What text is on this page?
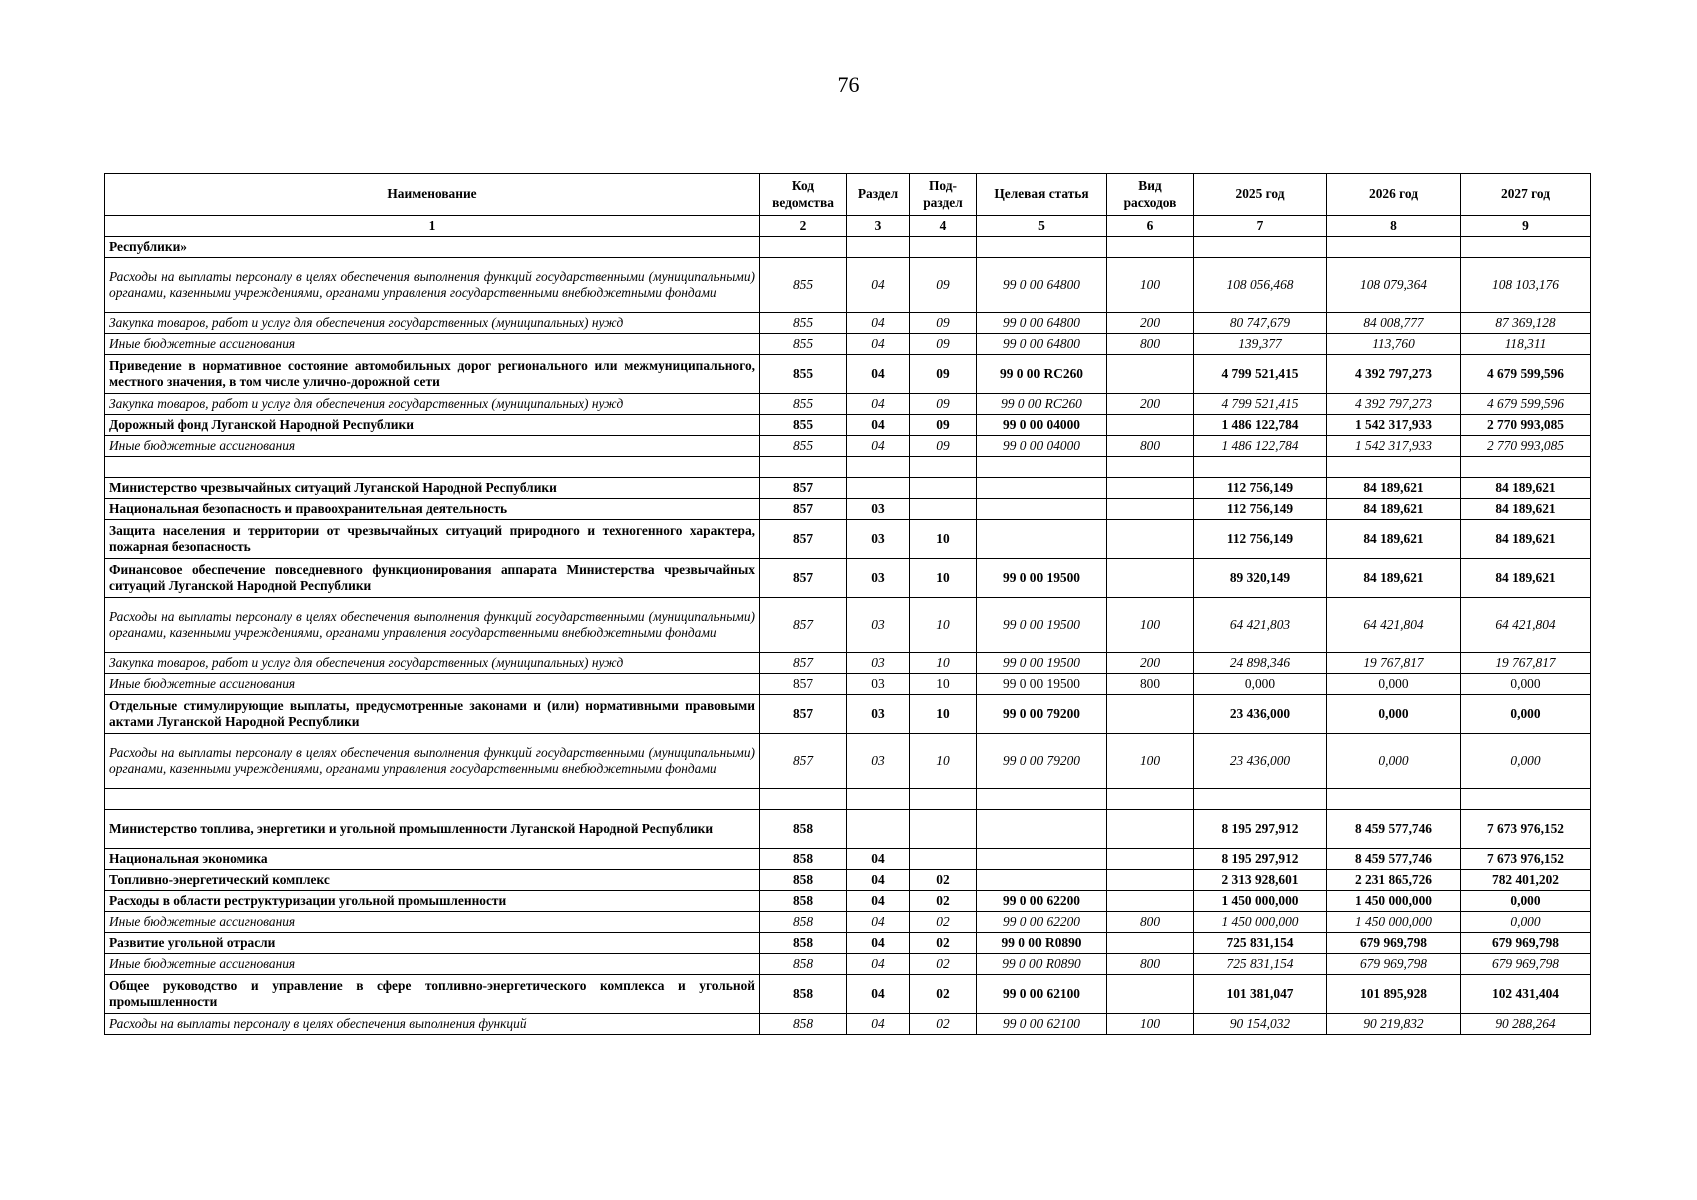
76
Наименование	Код ведомства	Раздел	Под-раздел	Целевая статья	Вид расходов	2025 год	2026 год	2027 год
1	2	3	4	5	6	7	8	9
Республики»								
Расходы на выплаты персоналу в целях обеспечения выполнения функций государственными (муниципальными) органами, казенными учреждениями, органами управления государственными внебюджетными фондами	855	04	09	99 0 00 64800	100	108 056,468	108 079,364	108 103,176
Закупка товаров, работ и услуг для обеспечения государственных (муниципальных) нужд	855	04	09	99 0 00 64800	200	80 747,679	84 008,777	87 369,128
Иные бюджетные ассигнования	855	04	09	99 0 00 64800	800	139,377	113,760	118,311
Приведение в нормативное состояние автомобильных дорог регионального или межмуниципального, местного значения, в том числе улично-дорожной сети	855	04	09	99 0 00 RC260		4 799 521,415	4 392 797,273	4 679 599,596
Закупка товаров, работ и услуг для обеспечения государственных (муниципальных) нужд	855	04	09	99 0 00 RC260	200	4 799 521,415	4 392 797,273	4 679 599,596
Дорожный фонд Луганской Народной Республики	855	04	09	99 0 00 04000		1 486 122,784	1 542 317,933	2 770 993,085
Иные бюджетные ассигнования	855	04	09	99 0 00 04000	800	1 486 122,784	1 542 317,933	2 770 993,085

Министерство чрезвычайных ситуаций Луганской Народной Республики	857					112 756,149	84 189,621	84 189,621
Национальная безопасность и правоохранительная деятельность	857	03				112 756,149	84 189,621	84 189,621
Защита населения и территории от чрезвычайных ситуаций природного и техногенного характера, пожарная безопасность	857	03	10			112 756,149	84 189,621	84 189,621
Финансовое обеспечение повседневного функционирования аппарата Министерства чрезвычайных ситуаций Луганской Народной Республики	857	03	10	99 0 00 19500		89 320,149	84 189,621	84 189,621
Расходы на выплаты персоналу в целях обеспечения выполнения функций государственными (муниципальными) органами, казенными учреждениями, органами управления государственными внебюджетными фондами	857	03	10	99 0 00 19500	100	64 421,803	64 421,804	64 421,804
Закупка товаров, работ и услуг для обеспечения государственных (муниципальных) нужд	857	03	10	99 0 00 19500	200	24 898,346	19 767,817	19 767,817
Иные бюджетные ассигнования	857	03	10	99 0 00 19500	800	0,000	0,000	0,000
Отдельные стимулирующие выплаты, предусмотренные законами и (или) нормативными правовыми актами Луганской Народной Республики	857	03	10	99 0 00 79200		23 436,000	0,000	0,000
Расходы на выплаты персоналу в целях обеспечения выполнения функций государственными (муниципальными) органами, казенными учреждениями, органами управления государственными внебюджетными фондами	857	03	10	99 0 00 79200	100	23 436,000	0,000	0,000

Министерство топлива, энергетики и угольной промышленности Луганской Народной Республики	858					8 195 297,912	8 459 577,746	7 673 976,152
Национальная экономика	858	04				8 195 297,912	8 459 577,746	7 673 976,152
Топливно-энергетический комплекс	858	04	02			2 313 928,601	2 231 865,726	782 401,202
Расходы в области реструктуризации угольной промышленности	858	04	02	99 0 00 62200		1 450 000,000	1 450 000,000	0,000
Иные бюджетные ассигнования	858	04	02	99 0 00 62200	800	1 450 000,000	1 450 000,000	0,000
Развитие угольной отрасли	858	04	02	99 0 00 R0890		725 831,154	679 969,798	679 969,798
Иные бюджетные ассигнования	858	04	02	99 0 00 R0890	800	725 831,154	679 969,798	679 969,798
Общее руководство и управление в сфере топливно-энергетического комплекса и угольной промышленности	858	04	02	99 0 00 62100		101 381,047	101 895,928	102 431,404
Расходы на выплаты персоналу в целях обеспечения выполнения функций	858	04	02	99 0 00 62100	100	90 154,032	90 219,832	90 288,264
